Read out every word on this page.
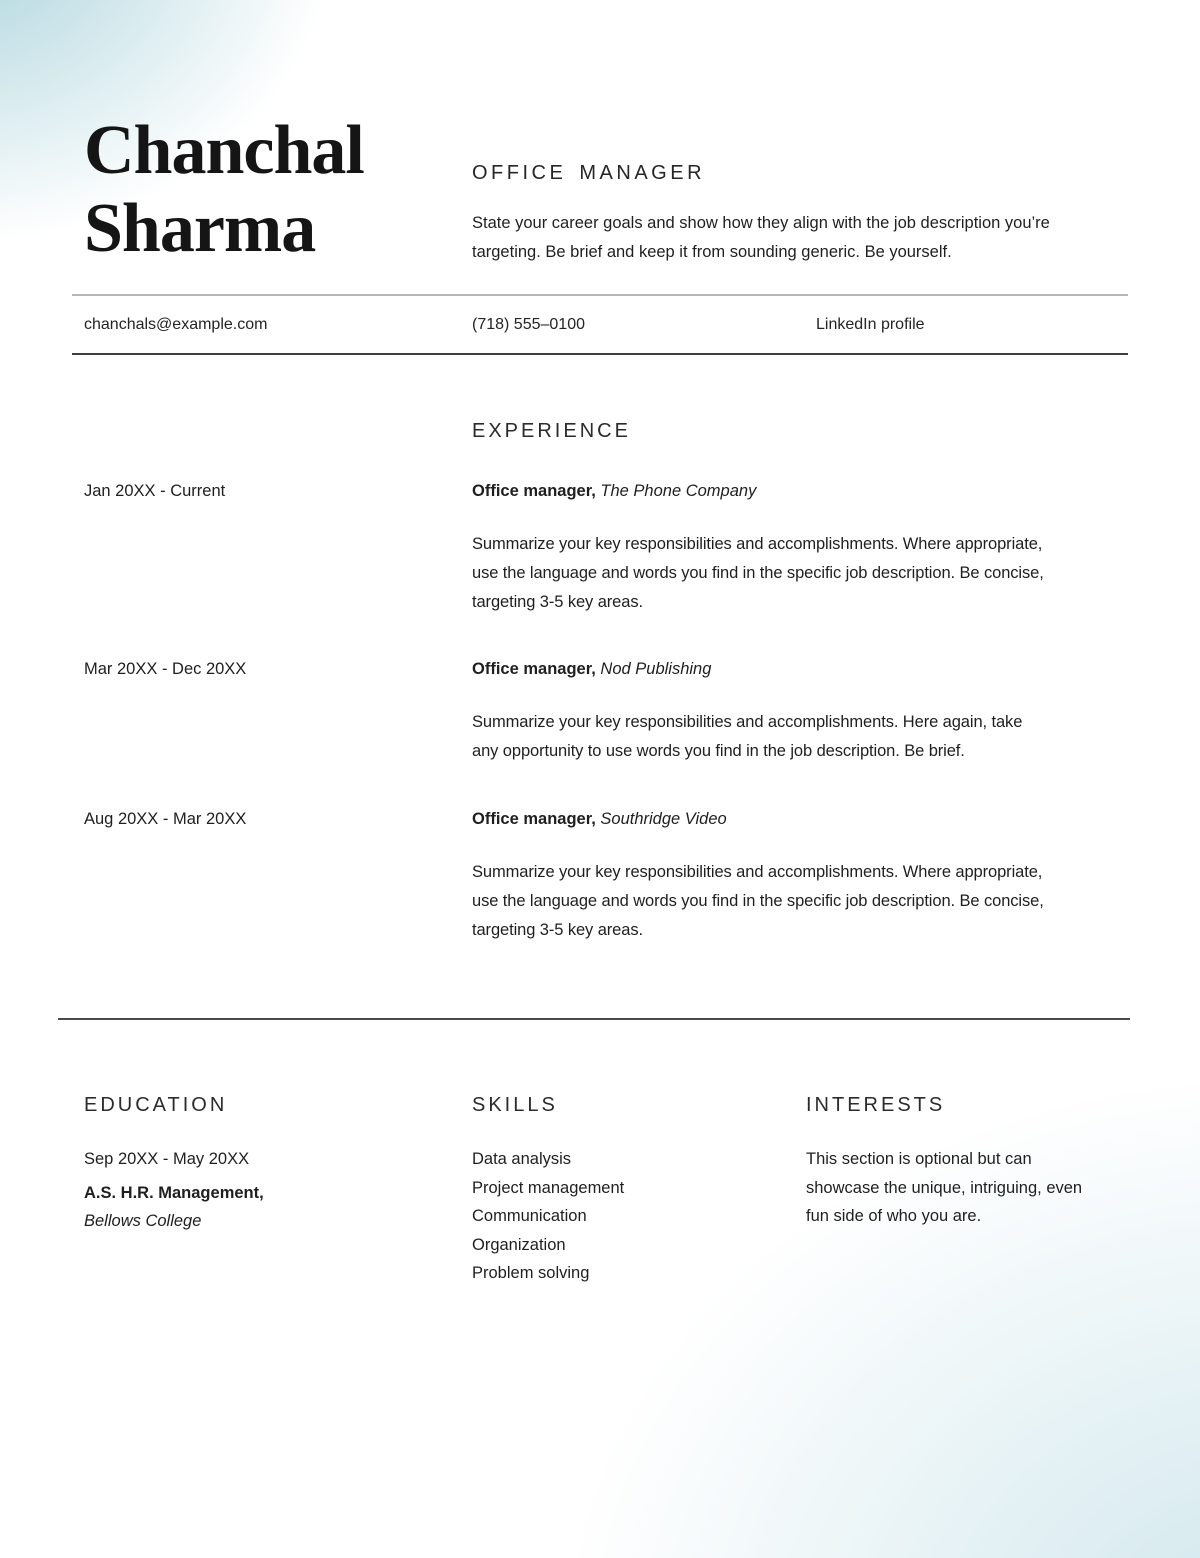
Chanchal Sharma
OFFICE MANAGER

State your career goals and show how they align with the job description you’re targeting. Be brief and keep it from sounding generic. Be yourself.

chanchals@example.com	(718) 555–0100	LinkedIn profile
EXPERIENCE
Jan 20XX - Current	Office manager, The Phone Company

Summarize your key responsibilities and accomplishments. Where appropriate, use the language and words you find in the specific job description. Be concise, targeting 3-5 key areas.

Mar 20XX - Dec 20XX	Office manager, Nod Publishing

Summarize your key responsibilities and accomplishments. Here again, take any opportunity to use words you find in the job description. Be brief.

Aug 20XX - Mar 20XX	Office manager, Southridge Video

Summarize your key responsibilities and accomplishments. Where appropriate, use the language and words you find in the specific job description. Be concise, targeting 3-5 key areas.

EDUCATION

Sep 20XX - May 20XX

A.S. H.R. Management,

Bellows College

SKILLS
Data analysis
Project management
Communication
Organization
Problem solving
INTERESTS

This section is optional but can showcase the unique, intriguing, even fun side of who you are.
